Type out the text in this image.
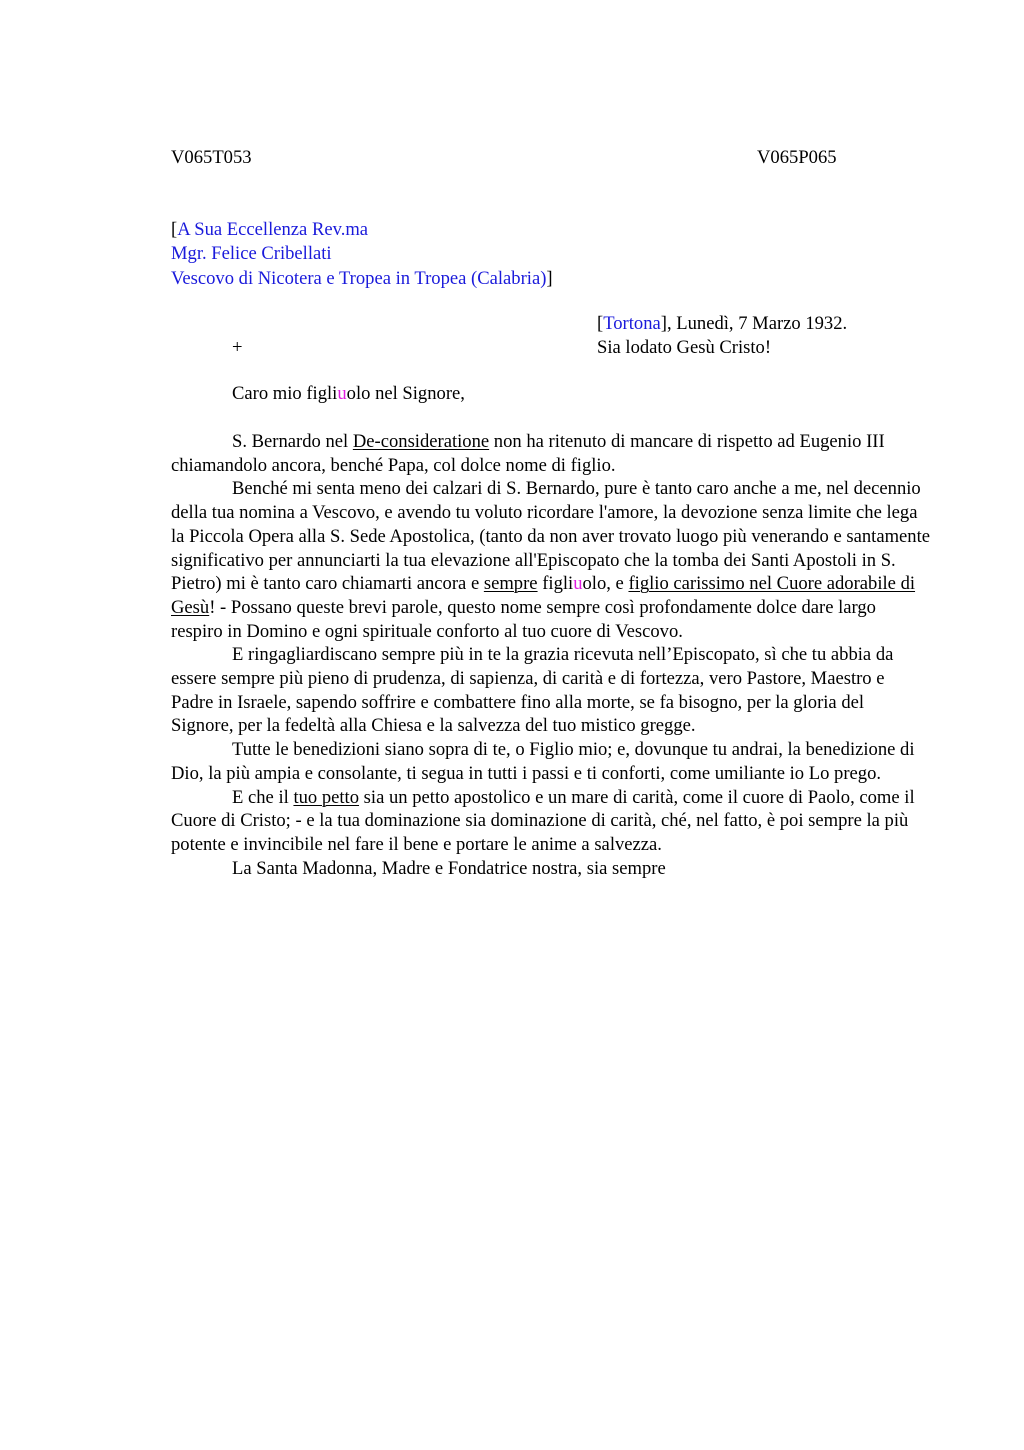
V065T053	V065P065
[A Sua Eccellenza Rev.ma
Mgr. Felice Cribellati
Vescovo di Nicotera e Tropea in Tropea (Calabria)]
[Tortona], Lunedì, 7 Marzo 1932.
+	Sia lodato Gesù Cristo!
Caro mio figliuolo nel Signore,

S. Bernardo nel De-consideratione non ha ritenuto di mancare di rispetto ad Eugenio III chiamandolo ancora, benché Papa, col dolce nome di figlio.

Benché mi senta meno dei calzari di S. Bernardo, pure è tanto caro anche a me, nel decennio della tua nomina a Vescovo, e avendo tu voluto ricordare l'amore, la devozione senza limite che lega la Piccola Opera alla S. Sede Apostolica, (tanto da non aver trovato luogo più venerando e santamente significativo per annunciarti la tua elevazione all'Episcopato che la tomba dei Santi Apostoli in S. Pietro) mi è tanto caro chiamarti ancora e sempre figliuolo, e figlio carissimo nel Cuore adorabile di Gesù! - Possano queste brevi parole, questo nome sempre così profondamente dolce dare largo respiro in Domino e ogni spirituale conforto al tuo cuore di Vescovo.

E ringagliardiscano sempre più in te la grazia ricevuta nell’Episcopato, sì che tu abbia da essere sempre più pieno di prudenza, di sapienza, di carità e di fortezza, vero Pastore, Maestro e Padre in Israele, sapendo soffrire e combattere fino alla morte, se fa bisogno, per la gloria del Signore, per la fedeltà alla Chiesa e la salvezza del tuo mistico gregge.

Tutte le benedizioni siano sopra di te, o Figlio mio; e, dovunque tu andrai, la benedizione di Dio, la più ampia e consolante, ti segua in tutti i passi e ti conforti, come umiliante io Lo prego.

E che il tuo petto sia un petto apostolico e un mare di carità, come il cuore di Paolo, come il Cuore di Cristo; - e la tua dominazione sia dominazione di carità, ché, nel fatto, è poi sempre la più potente e invincibile nel fare il bene e portare le anime a salvezza.

La Santa Madonna, Madre e Fondatrice nostra, sia sempre
